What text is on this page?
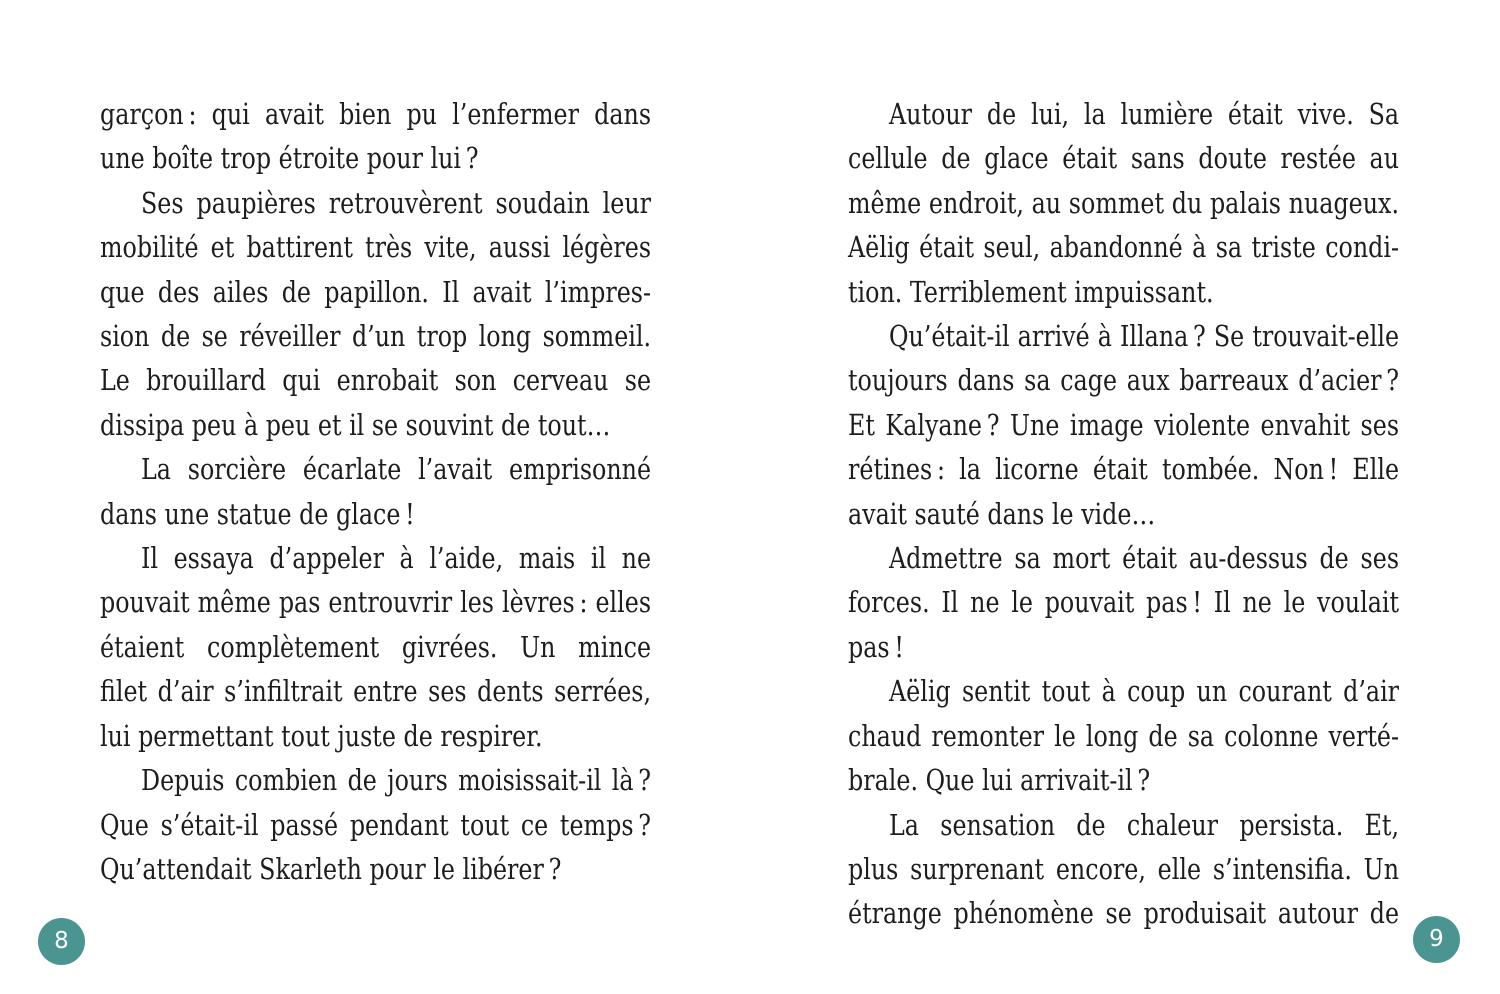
garçon : qui avait bien pu l’enfermer dans
une boîte trop étroite pour lui ?
Ses paupières retrouvèrent soudain leur
mobilité et battirent très vite, aussi légères
que des ailes de papillon. Il avait l’impres-
sion de se réveiller d’un trop long sommeil.
Le brouillard qui enrobait son cerveau se
dissipa peu à peu et il se souvint de tout…
La sorcière écarlate l’avait emprisonné
dans une statue de glace !
Il essaya d’appeler à l’aide, mais il ne
pouvait même pas entrouvrir les lèvres : elles
étaient complètement givrées. Un mince
filet d’air s’infiltrait entre ses dents serrées,
lui permettant tout juste de respirer.
Depuis combien de jours moisissait-il là ?
Que s’était-il passé pendant tout ce temps ?
Qu’attendait Skarleth pour le libérer ?
Autour de lui, la lumière était vive. Sa
cellule de glace était sans doute restée au
même endroit, au sommet du palais nuageux.
Aëlig était seul, abandonné à sa triste condi-
tion. Terriblement impuissant.
Qu’était-il arrivé à Illana ? Se trouvait-elle
toujours dans sa cage aux barreaux d’acier ?
Et Kalyane ? Une image violente envahit ses
rétines : la licorne était tombée. Non ! Elle
avait sauté dans le vide…
Admettre sa mort était au-dessus de ses
forces. Il ne le pouvait pas ! Il ne le voulait pas !
Aëlig sentit tout à coup un courant d’air
chaud remonter le long de sa colonne verté-
brale. Que lui arrivait-il ?
La sensation de chaleur persista. Et,
plus surprenant encore, elle s’intensifia. Un
étrange phénomène se produisait autour de
8	9
